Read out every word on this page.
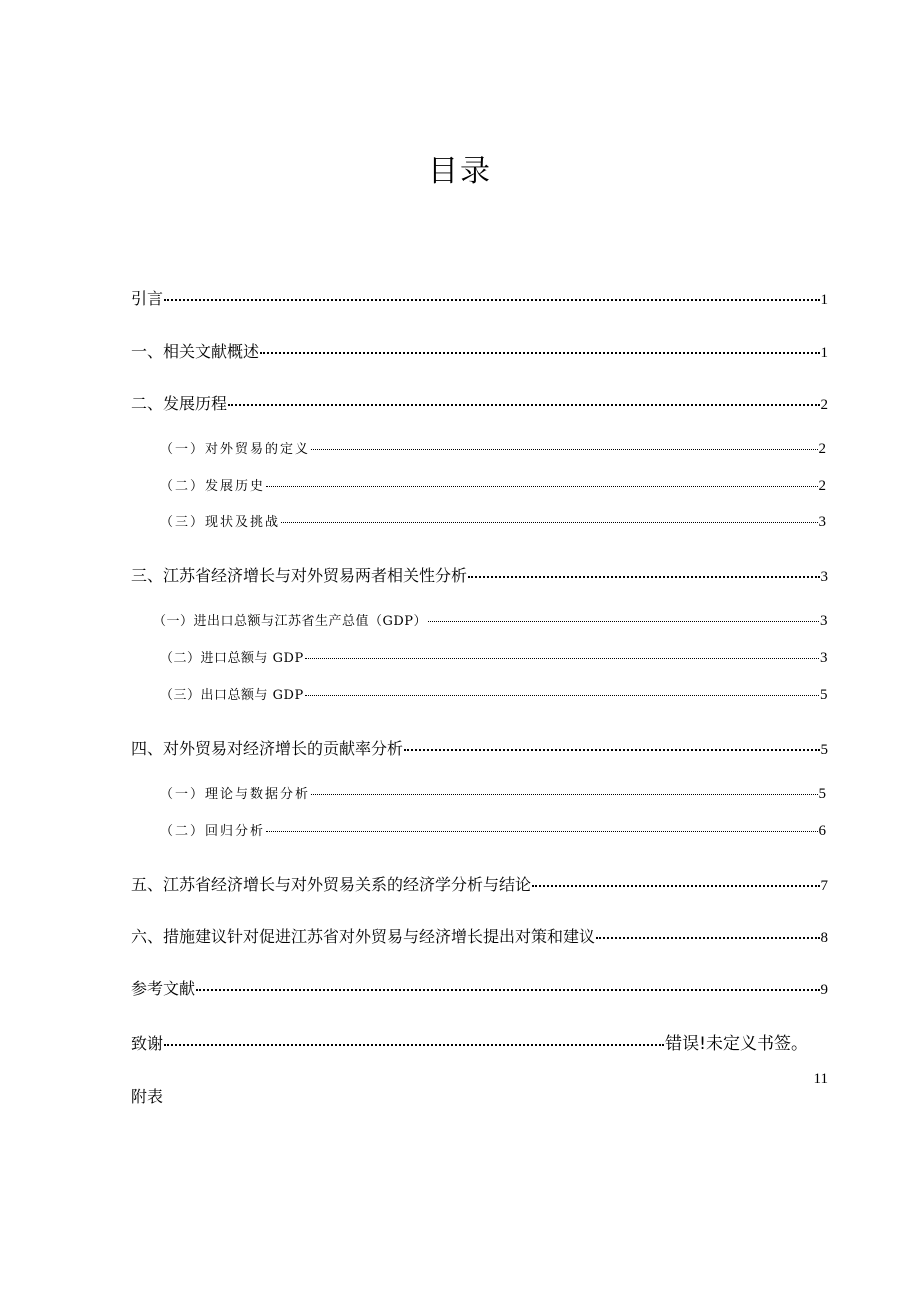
目录
引言	1
一、相关文献概述	1
二、发展历程	2
（一）对外贸易的定义	2
（二）发展历史	2
（三）现状及挑战	3
三、江苏省经济增长与对外贸易两者相关性分析	3
（一）进出口总额与江苏省生产总值（GDP）	3
（二）进口总额与 GDP	3
（三）出口总额与 GDP	5
四、对外贸易对经济增长的贡献率分析	5
（一）理论与数据分析	5
（二）回归分析	6
五、江苏省经济增长与对外贸易关系的经济学分析与结论	7
六、措施建议针对促进江苏省对外贸易与经济增长提出对策和建议	8
参考文献	9
致谢	错误!未定义书签。
11
附表
